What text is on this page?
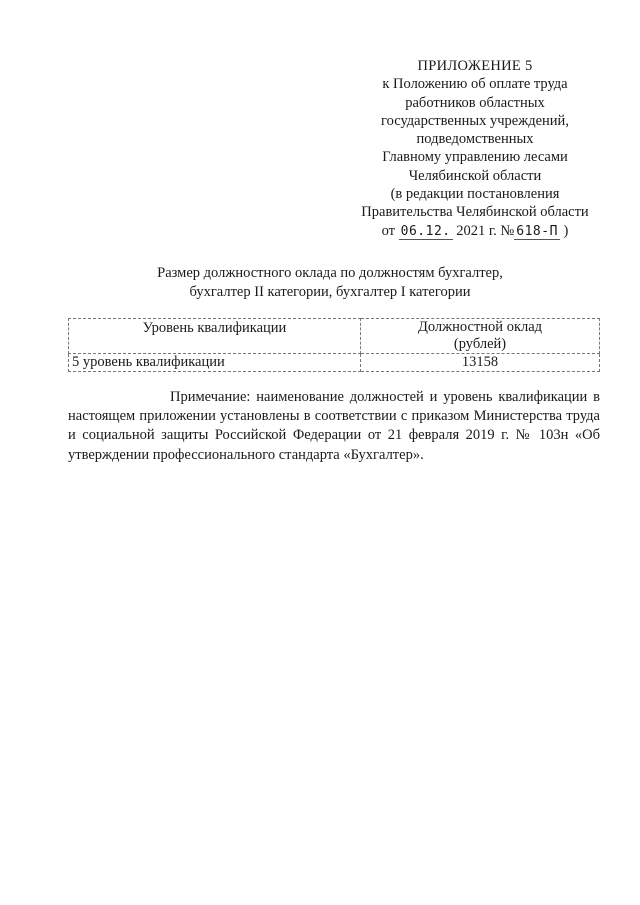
ПРИЛОЖЕНИЕ 5
к Положению об оплате труда
работников областных
государственных учреждений,
подведомственных
Главному управлению лесами
Челябинской области
(в редакции постановления
Правительства Челябинской области
от 06.12. 2021 г. № 618-П )
Размер должностного оклада по должностям бухгалтер,
бухгалтер II категории, бухгалтер I категории
Уровень квалификации	Должностной оклад
(рублей)
5 уровень квалификации	13158

Примечание: наименование должностей и уровень квалификации в настоящем приложении установлены в соответствии с приказом Министерства труда и социальной защиты Российской Федерации от 21 февраля 2019 г. № 103н «Об утверждении профессионального стандарта «Бухгалтер».
